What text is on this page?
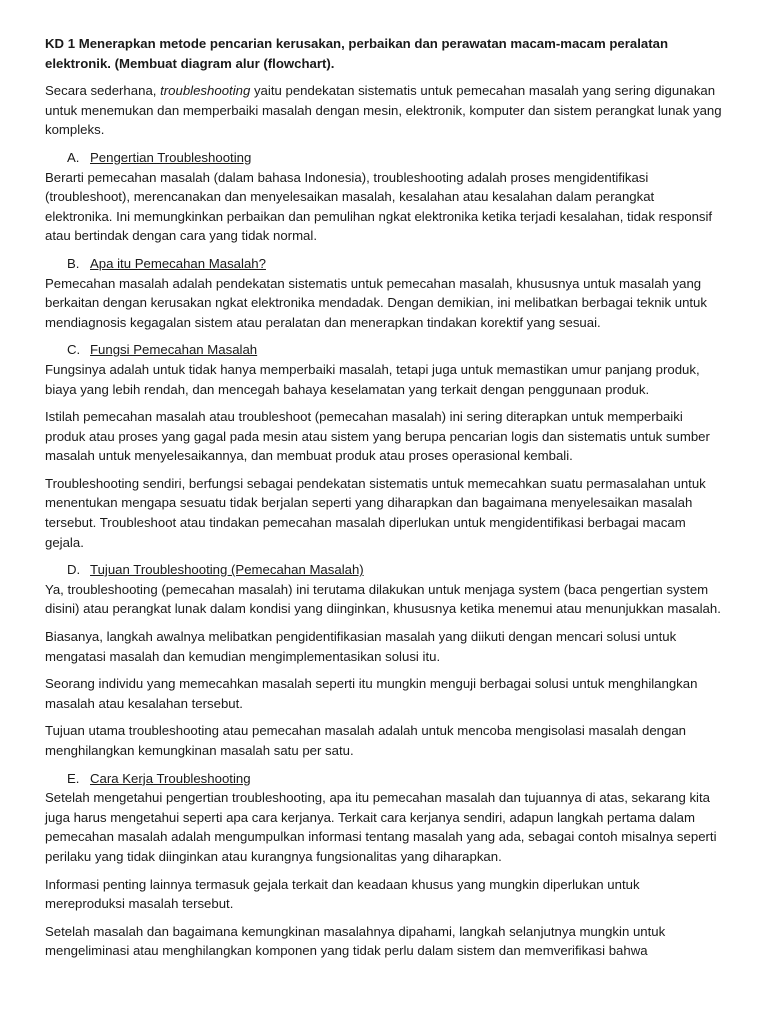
KD 1 Menerapkan metode pencarian kerusakan, perbaikan dan perawatan macam-macam peralatan elektronik. (Membuat diagram alur (flowchart).

Secara sederhana, troubleshooting yaitu pendekatan sistematis untuk pemecahan masalah yang sering digunakan untuk menemukan dan memperbaiki masalah dengan mesin, elektronik, komputer dan sistem perangkat lunak yang kompleks.

A. Pengertian Troubleshooting

Berarti pemecahan masalah (dalam bahasa Indonesia), troubleshooting adalah proses mengidentifikasi (troubleshoot), merencanakan dan menyelesaikan masalah, kesalahan atau kesalahan dalam perangkat elektronika. Ini memungkinkan perbaikan dan pemulihan ngkat elektronika ketika terjadi kesalahan, tidak responsif atau bertindak dengan cara yang tidak normal.

B. Apa itu Pemecahan Masalah?

Pemecahan masalah adalah pendekatan sistematis untuk pemecahan masalah, khususnya untuk masalah yang berkaitan dengan kerusakan ngkat elektronika mendadak. Dengan demikian, ini melibatkan berbagai teknik untuk mendiagnosis kegagalan sistem atau peralatan dan menerapkan tindakan korektif yang sesuai.

C. Fungsi Pemecahan Masalah

Fungsinya adalah untuk tidak hanya memperbaiki masalah, tetapi juga untuk memastikan umur panjang produk, biaya yang lebih rendah, dan mencegah bahaya keselamatan yang terkait dengan penggunaan produk.

Istilah pemecahan masalah atau troubleshoot (pemecahan masalah) ini sering diterapkan untuk memperbaiki produk atau proses yang gagal pada mesin atau sistem yang berupa pencarian logis dan sistematis untuk sumber masalah untuk menyelesaikannya, dan membuat produk atau proses operasional kembali.

Troubleshooting sendiri, berfungsi sebagai pendekatan sistematis untuk memecahkan suatu permasalahan untuk menentukan mengapa sesuatu tidak berjalan seperti yang diharapkan dan bagaimana menyelesaikan masalah tersebut. Troubleshoot atau tindakan pemecahan masalah diperlukan untuk mengidentifikasi berbagai macam gejala.

D. Tujuan Troubleshooting (Pemecahan Masalah)

Ya, troubleshooting (pemecahan masalah) ini terutama dilakukan untuk menjaga system (baca pengertian system disini) atau perangkat lunak dalam kondisi yang diinginkan, khususnya ketika menemui atau menunjukkan masalah.

Biasanya, langkah awalnya melibatkan pengidentifikasian masalah yang diikuti dengan mencari solusi untuk mengatasi masalah dan kemudian mengimplementasikan solusi itu.

Seorang individu yang memecahkan masalah seperti itu mungkin menguji berbagai solusi untuk menghilangkan masalah atau kesalahan tersebut.

Tujuan utama troubleshooting atau pemecahan masalah adalah untuk mencoba mengisolasi masalah dengan menghilangkan kemungkinan masalah satu per satu.

E. Cara Kerja Troubleshooting

Setelah mengetahui pengertian troubleshooting, apa itu pemecahan masalah dan tujuannya di atas, sekarang kita juga harus mengetahui seperti apa cara kerjanya. Terkait cara kerjanya sendiri, adapun langkah pertama dalam pemecahan masalah adalah mengumpulkan informasi tentang masalah yang ada, sebagai contoh misalnya seperti perilaku yang tidak diinginkan atau kurangnya fungsionalitas yang diharapkan.

Informasi penting lainnya termasuk gejala terkait dan keadaan khusus yang mungkin diperlukan untuk mereproduksi masalah tersebut.

Setelah masalah dan bagaimana kemungkinan masalahnya dipahami, langkah selanjutnya mungkin untuk mengeliminasi atau menghilangkan komponen yang tidak perlu dalam sistem dan memverifikasi bahwa
